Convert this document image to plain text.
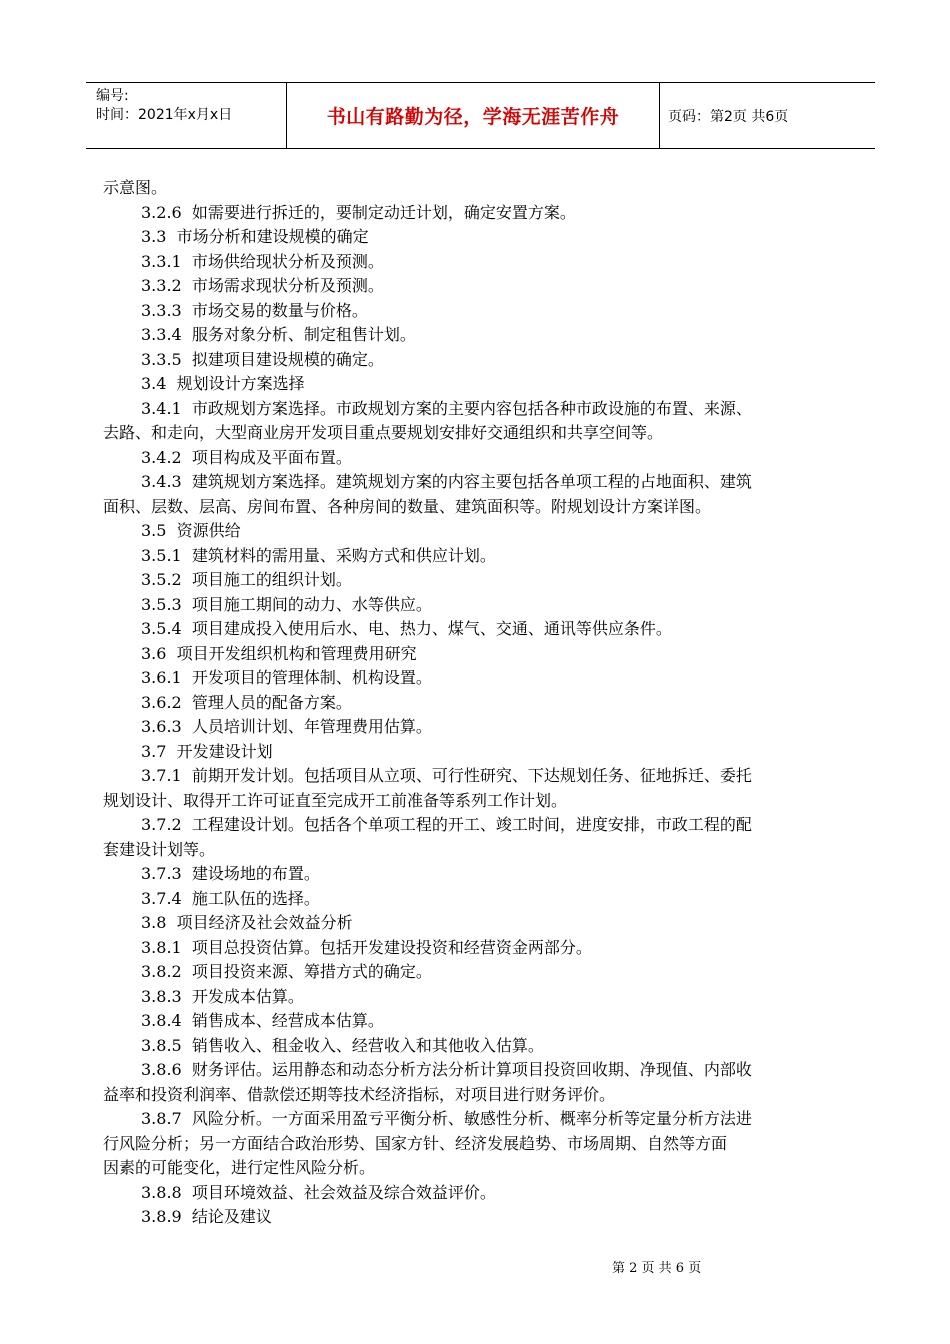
编号:
时间：2021年x月x日	书山有路勤为径，学海无涯苦作舟	页码：第2页 共6页

示意图。

3.2.6  如需要进行拆迁的，要制定动迁计划，确定安置方案。

3.3  市场分析和建设规模的确定

3.3.1  市场供给现状分析及预测。

3.3.2  市场需求现状分析及预测。

3.3.3  市场交易的数量与价格。

3.3.4  服务对象分析、制定租售计划。

3.3.5  拟建项目建设规模的确定。

3.4  规划设计方案选择

3.4.1  市政规划方案选择。市政规划方案的主要内容包括各种市政设施的布置、来源、

去路、和走向，大型商业房开发项目重点要规划安排好交通组织和共享空间等。

3.4.2  项目构成及平面布置。

3.4.3  建筑规划方案选择。建筑规划方案的内容主要包括各单项工程的占地面积、建筑

面积、层数、层高、房间布置、各种房间的数量、建筑面积等。附规划设计方案详图。

3.5  资源供给

3.5.1  建筑材料的需用量、采购方式和供应计划。

3.5.2  项目施工的组织计划。

3.5.3  项目施工期间的动力、水等供应。

3.5.4  项目建成投入使用后水、电、热力、煤气、交通、通讯等供应条件。

3.6  项目开发组织机构和管理费用研究

3.6.1  开发项目的管理体制、机构设置。

3.6.2  管理人员的配备方案。

3.6.3  人员培训计划、年管理费用估算。

3.7  开发建设计划

3.7.1  前期开发计划。包括项目从立项、可行性研究、下达规划任务、征地拆迁、委托

规划设计、取得开工许可证直至完成开工前准备等系列工作计划。

3.7.2  工程建设计划。包括各个单项工程的开工、竣工时间，进度安排，市政工程的配

套建设计划等。

3.7.3  建设场地的布置。

3.7.4  施工队伍的选择。

3.8  项目经济及社会效益分析

3.8.1  项目总投资估算。包括开发建设投资和经营资金两部分。

3.8.2  项目投资来源、筹措方式的确定。

3.8.3  开发成本估算。

3.8.4  销售成本、经营成本估算。

3.8.5  销售收入、租金收入、经营收入和其他收入估算。

3.8.6  财务评估。运用静态和动态分析方法分析计算项目投资回收期、净现值、内部收

益率和投资利润率、借款偿还期等技术经济指标，对项目进行财务评价。

3.8.7  风险分析。一方面采用盈亏平衡分析、敏感性分析、概率分析等定量分析方法进

行风险分析；另一方面结合政治形势、国家方针、经济发展趋势、市场周期、自然等方面

因素的可能变化，进行定性风险分析。

3.8.8  项目环境效益、社会效益及综合效益评价。

3.8.9  结论及建议

第 2 页 共 6 页
